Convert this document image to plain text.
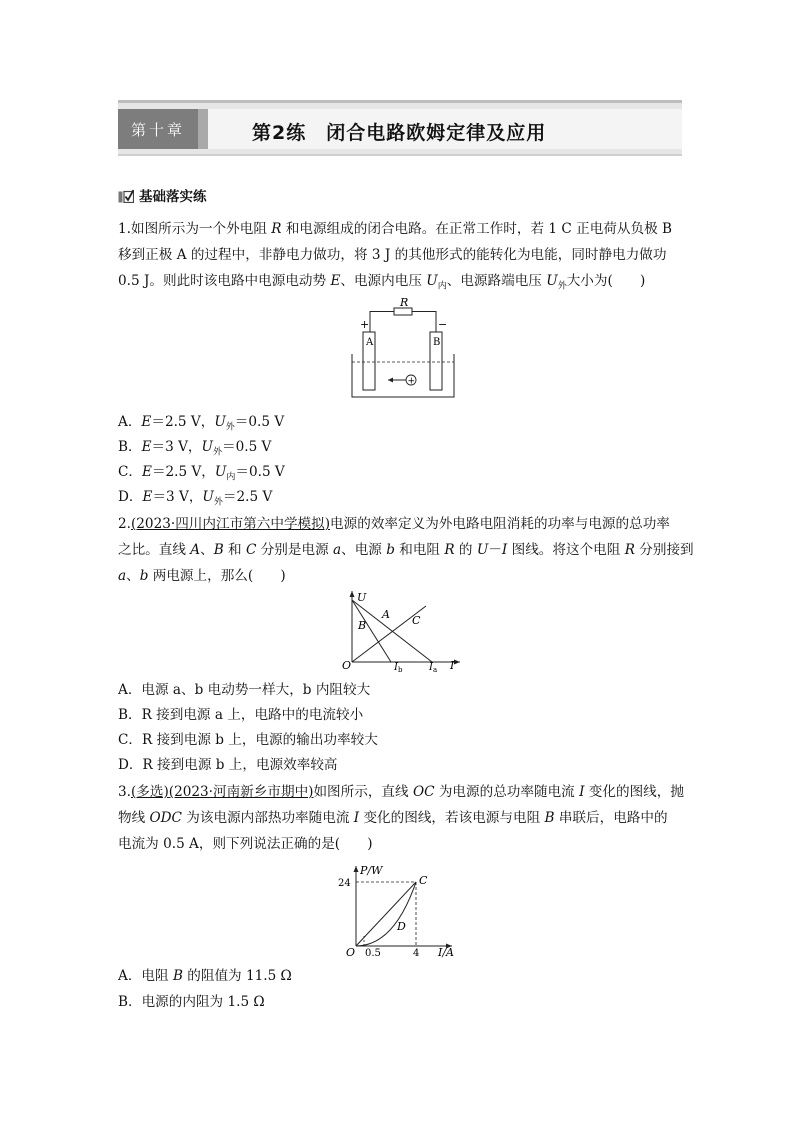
第十章	第2练　闭合电路欧姆定律及应用
基础落实练
1.如图所示为一个外电阻 R 和电源组成的闭合电路。在正常工作时，若 1 C 正电荷从负极 B
移到正极 A 的过程中，非静电力做功，将 3 J 的其他形式的能转化为电能，同时静电力做功
0.5 J。则此时该电路中电源电动势 E、电源内电压 $U_内$、电源路端电压 $U_外$大小为(　　)
R
+	−
A	B
+
A．E＝2.5 V，$U_外=0.5$ V
B．E＝3 V，$U_外=0.5$ V
C．E＝2.5 V，$U_内=0.5$ V
D．E＝3 V，$U_外=2.5$ V
2.(2023·四川内江市第六中学模拟)电源的效率定义为外电路电阻消耗的功率与电源的总功率
之比。直线 A、B 和 C 分别是电源 a、电源 b 和电阻 R 的 U－I 图线。将这个电阻 R 分别接到
a、b 两电源上，那么(　　)
U
O	I
A
B	C
$I_b$	$I_a$
A．电源 a、b 电动势一样大，b 内阻较大
B．R 接到电源 a 上，电路中的电流较小
C．R 接到电源 b 上，电源的输出功率较大
D．R 接到电源 b 上，电源效率较高
3.(多选)(2023·河南新乡市期中)如图所示，直线 OC 为电源的总功率随电流 I 变化的图线，抛
物线 ODC 为该电源内部热功率随电流 I 变化的图线，若该电源与电阻 B 串联后，电路中的
电流为 0.5 A，则下列说法正确的是(　　)
P/W
24	C
D
O 0.5	4 I/A
A．电阻 B 的阻值为 11.5 Ω
B．电源的内阻为 1.5 Ω
